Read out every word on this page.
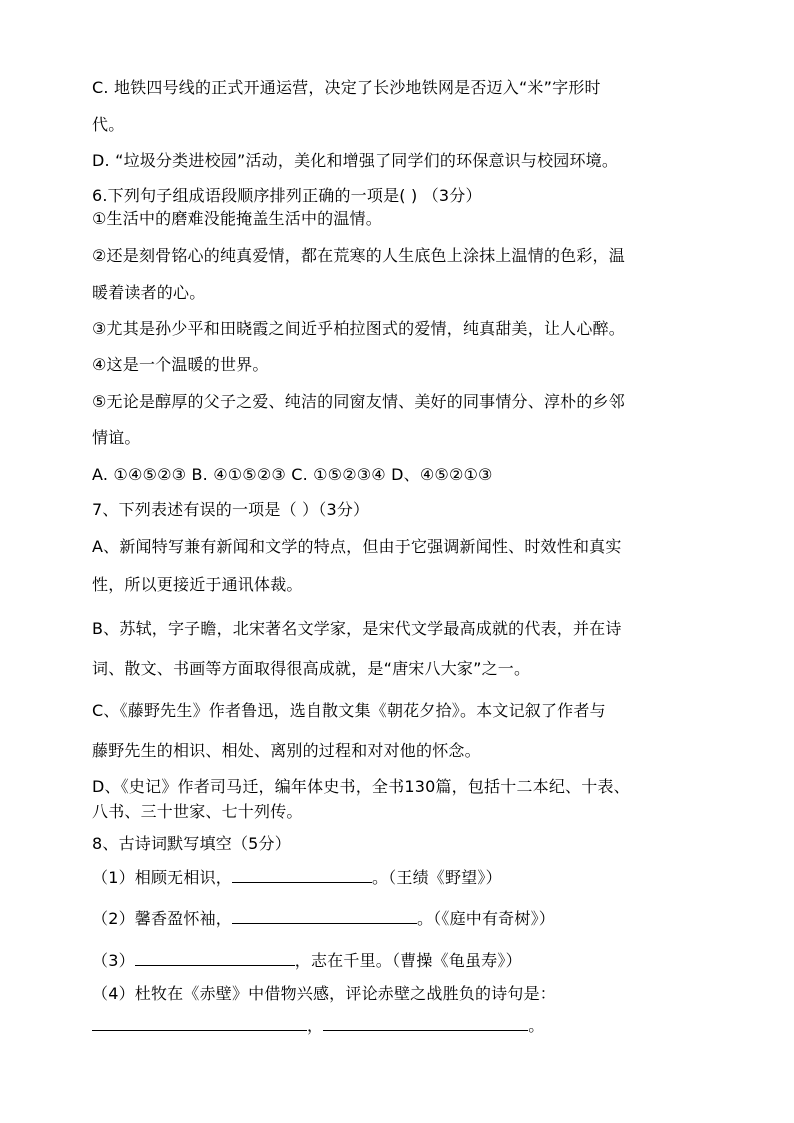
C. 地铁四号线的正式开通运营，决定了长沙地铁网是否迈入“米”字形时
代。
D. “垃圾分类进校园”活动，美化和增强了同学们的环保意识与校园环境。
6.下列句子组成语段顺序排列正确的一项是( ) （3分）
①生活中的磨难没能掩盖生活中的温情。
②还是刻骨铭心的纯真爱情，都在荒寒的人生底色上涂抹上温情的色彩，温
暖着读者的心。
③尤其是孙少平和田晓霞之间近乎柏拉图式的爱情，纯真甜美，让人心醉。
④这是一个温暖的世界。
⑤无论是醇厚的父子之爱、纯洁的同窗友情、美好的同事情分、淳朴的乡邻
情谊。
A. ①④⑤②③ B. ④①⑤②③ C. ①⑤②③④ D、④⑤②①③
7、下列表述有误的一项是（ ）（3分）
A、新闻特写兼有新闻和文学的特点，但由于它强调新闻性、时效性和真实
性，所以更接近于通讯体裁。
B、苏轼，字子瞻，北宋著名文学家，是宋代文学最高成就的代表，并在诗
词、散文、书画等方面取得很高成就，是“唐宋八大家”之一。
C、《藤野先生》作者鲁迅，选自散文集《朝花夕拾》。本文记叙了作者与
藤野先生的相识、相处、离别的过程和对对他的怀念。
D、《史记》作者司马迁，编年体史书，全书130篇，包括十二本纪、十表、
八书、三十世家、七十列传。
8、古诗词默写填空（5分）
（1）相顾无相识，	。（王绩《野望》）
（2）馨香盈怀袖，	。（《庭中有奇树》）
（3）	，志在千里。（曹操《龟虽寿》）
（4）杜牧在《赤壁》中借物兴感，评论赤壁之战胜负的诗句是：
，	。
